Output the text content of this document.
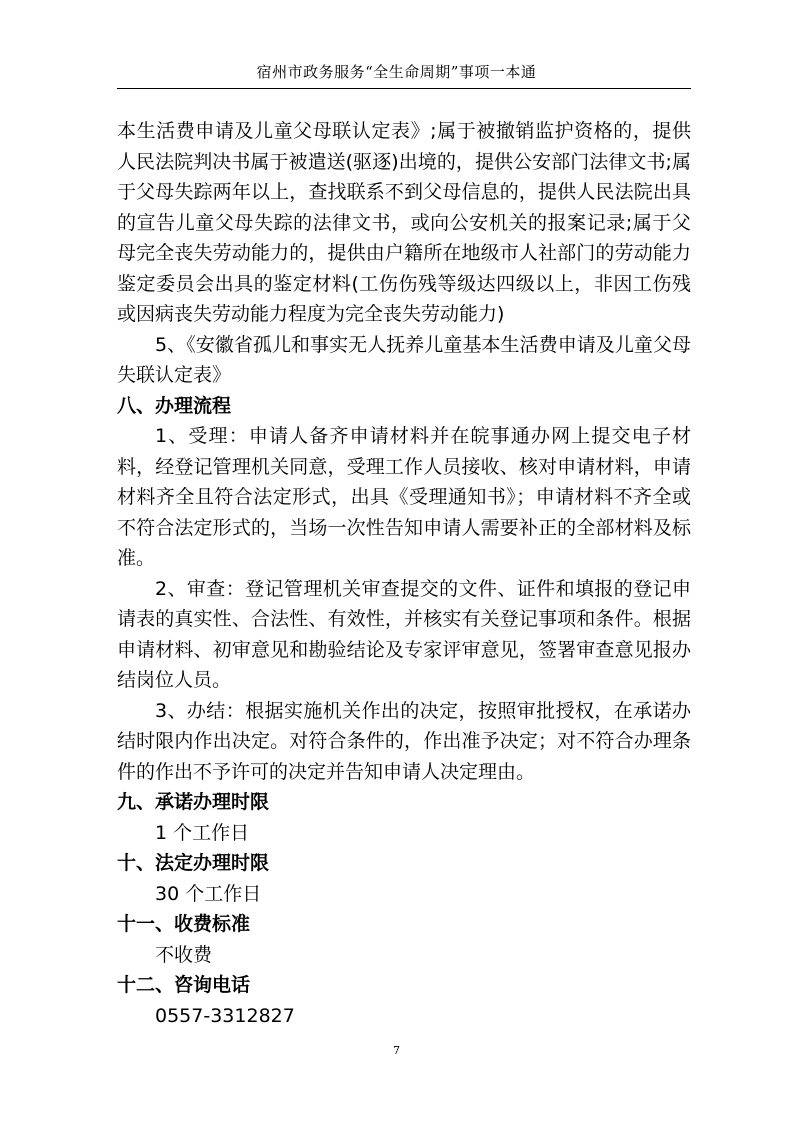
宿州市政务服务“全生命周期”事项一本通

本生活费申请及儿童父母联认定表》;属于被撤销监护资格的，提供人民法院判决书属于被遣送(驱逐)出境的，提供公安部门法律文书;属于父母失踪两年以上，查找联系不到父母信息的，提供人民法院出具的宣告儿童父母失踪的法律文书，或向公安机关的报案记录;属于父母完全丧失劳动能力的，提供由户籍所在地级市人社部门的劳动能力鉴定委员会出具的鉴定材料(工伤伤残等级达四级以上，非因工伤残或因病丧失劳动能力程度为完全丧失劳动能力)

5、《安徽省孤儿和事实无人抚养儿童基本生活费申请及儿童父母失联认定表》

八、办理流程

1、受理：申请人备齐申请材料并在皖事通办网上提交电子材料，经登记管理机关同意，受理工作人员接收、核对申请材料，申请材料齐全且符合法定形式，出具《受理通知书》；申请材料不齐全或不符合法定形式的，当场一次性告知申请人需要补正的全部材料及标准。

2、审查：登记管理机关审查提交的文件、证件和填报的登记申请表的真实性、合法性、有效性，并核实有关登记事项和条件。根据申请材料、初审意见和勘验结论及专家评审意见，签署审查意见报办结岗位人员。

3、办结：根据实施机关作出的决定，按照审批授权，在承诺办结时限内作出决定。对符合条件的，作出准予决定；对不符合办理条件的作出不予许可的决定并告知申请人决定理由。

九、承诺办理时限

1 个工作日

十、法定办理时限

30 个工作日

十一、收费标准

不收费

十二、咨询电话

0557-3312827

7
